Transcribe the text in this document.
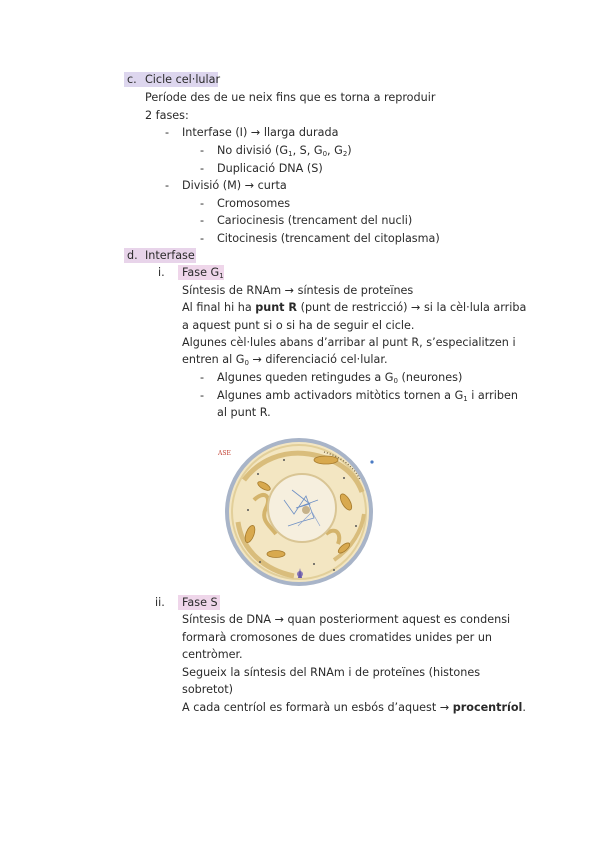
c. Cicle cel·lular
Període des de ue neix fins que es torna a reproduir
2 fases:
- Interfase (I) → llarga durada
- No divisió ($G_1$, S, $G_0$, $G_2$)
- Duplicació DNA (S)
- Divisió (M) → curta
- Cromosomes
- Cariocinesis (trencament del nucli)
- Citocinesis (trencament del citoplasma)
d. Interfase
i. Fase $G_1$
Síntesis de RNAm → síntesis de proteïnes
Al final hi ha punt R (punt de restricció) → si la cèl·lula arriba
a aquest punt si o si ha de seguir el cicle.
Algunes cèl·lules abans d’arribar al punt R, s’especialitzen i
entren al $G_0$ → diferenciació cel·lular.
- Algunes queden retingudes a $G_0$ (neurones)
- Algunes amb activadors mitòtics tornen a $G_1$ i arriben
al punt R.
ASE
ii. Fase S
Síntesis de DNA → quan posteriorment aquest es condensi
formarà cromosones de dues cromatides unides per un
centròmer.
Segueix la síntesis del RNAm i de proteïnes (histones
sobretot)
A cada centríol es formarà un esbós d’aquest → procentríol.
